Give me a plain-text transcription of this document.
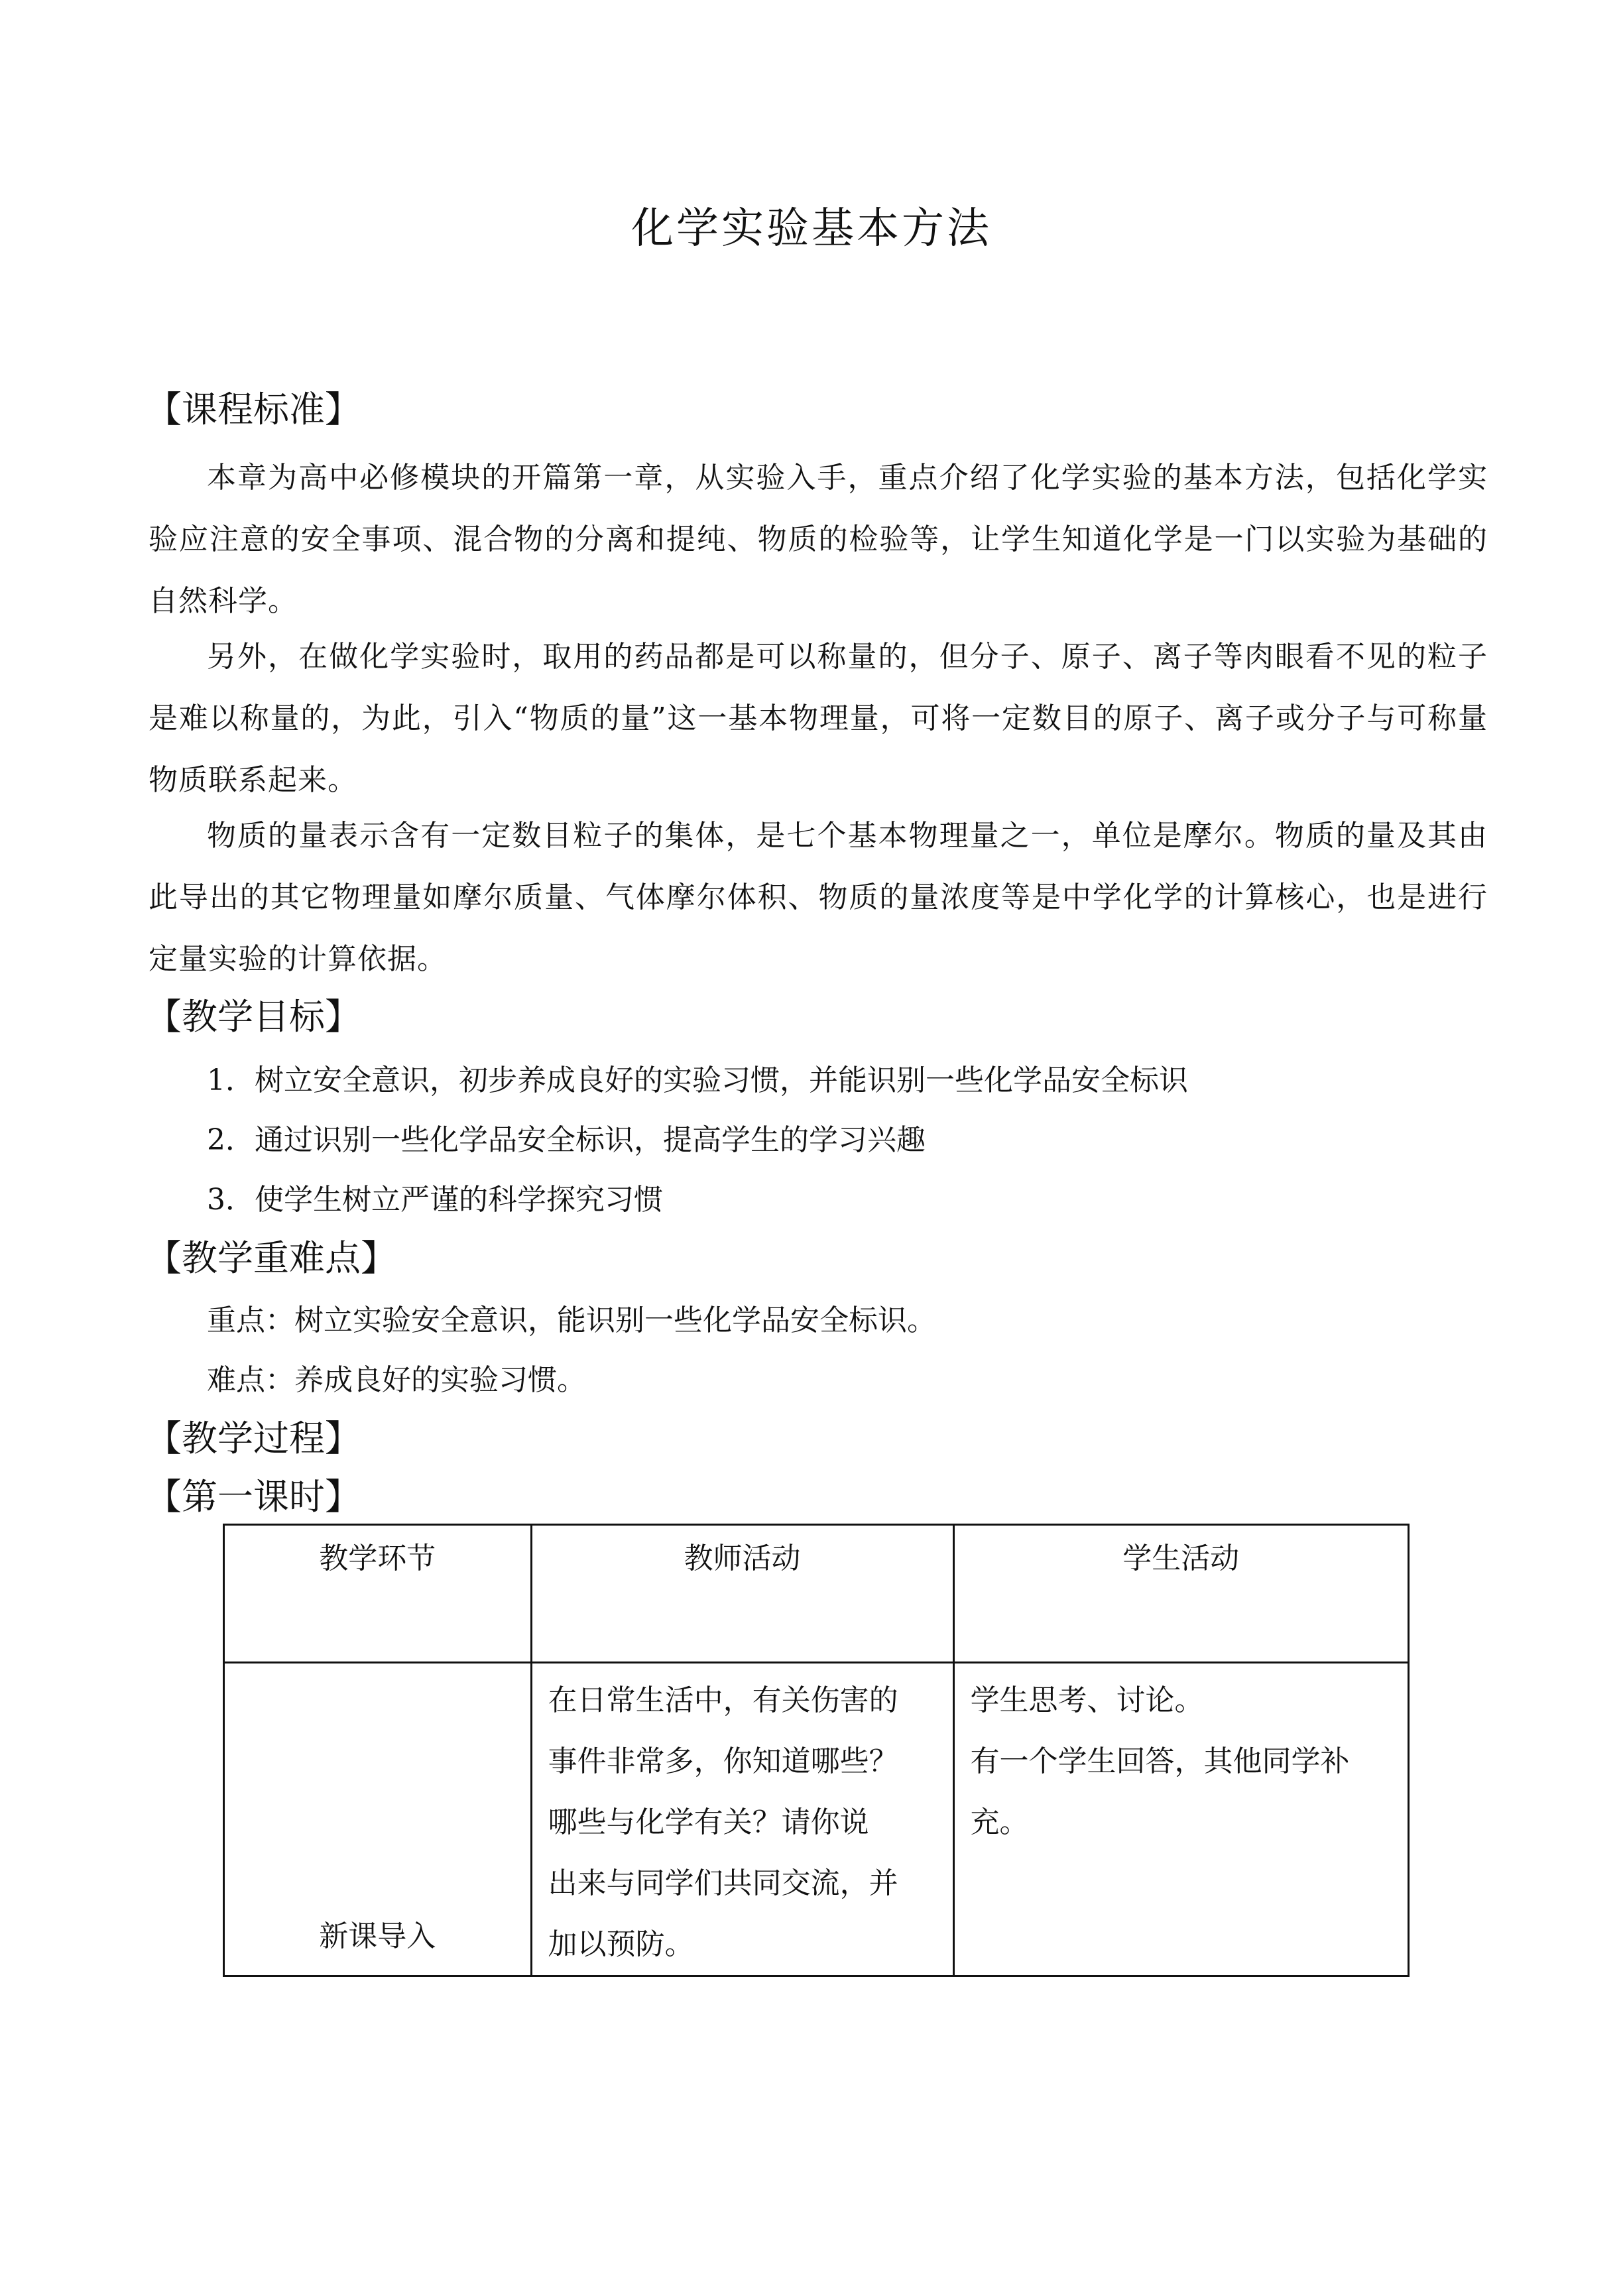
化学实验基本方法
【课程标准】

本章为高中必修模块的开篇第一章，从实验入手，重点介绍了化学实验的基本方法，包括化学实验应注意的安全事项、混合物的分离和提纯、物质的检验等，让学生知道化学是一门以实验为基础的自然科学。

另外，在做化学实验时，取用的药品都是可以称量的，但分子、原子、离子等肉眼看不见的粒子是难以称量的，为此，引入“物质的量”这一基本物理量，可将一定数目的原子、离子或分子与可称量物质联系起来。

物质的量表示含有一定数目粒子的集体，是七个基本物理量之一，单位是摩尔。物质的量及其由此导出的其它物理量如摩尔质量、气体摩尔体积、物质的量浓度等是中学化学的计算核心，也是进行定量实验的计算依据。

【教学目标】
1．树立安全意识，初步养成良好的实验习惯，并能识别一些化学品安全标识
2．通过识别一些化学品安全标识，提高学生的学习兴趣
3．使学生树立严谨的科学探究习惯
【教学重难点】
重点：树立实验安全意识，能识别一些化学品安全标识。
难点：养成良好的实验习惯。
【教学过程】
【第一课时】
教学环节	教师活动	学生活动

新课导入	在日常生活中，有关伤害的
事件非常多，你知道哪些？
哪些与化学有关？请你说
出来与同学们共同交流，并
加以预防。	学生思考、讨论。
有一个学生回答，其他同学补
充。
